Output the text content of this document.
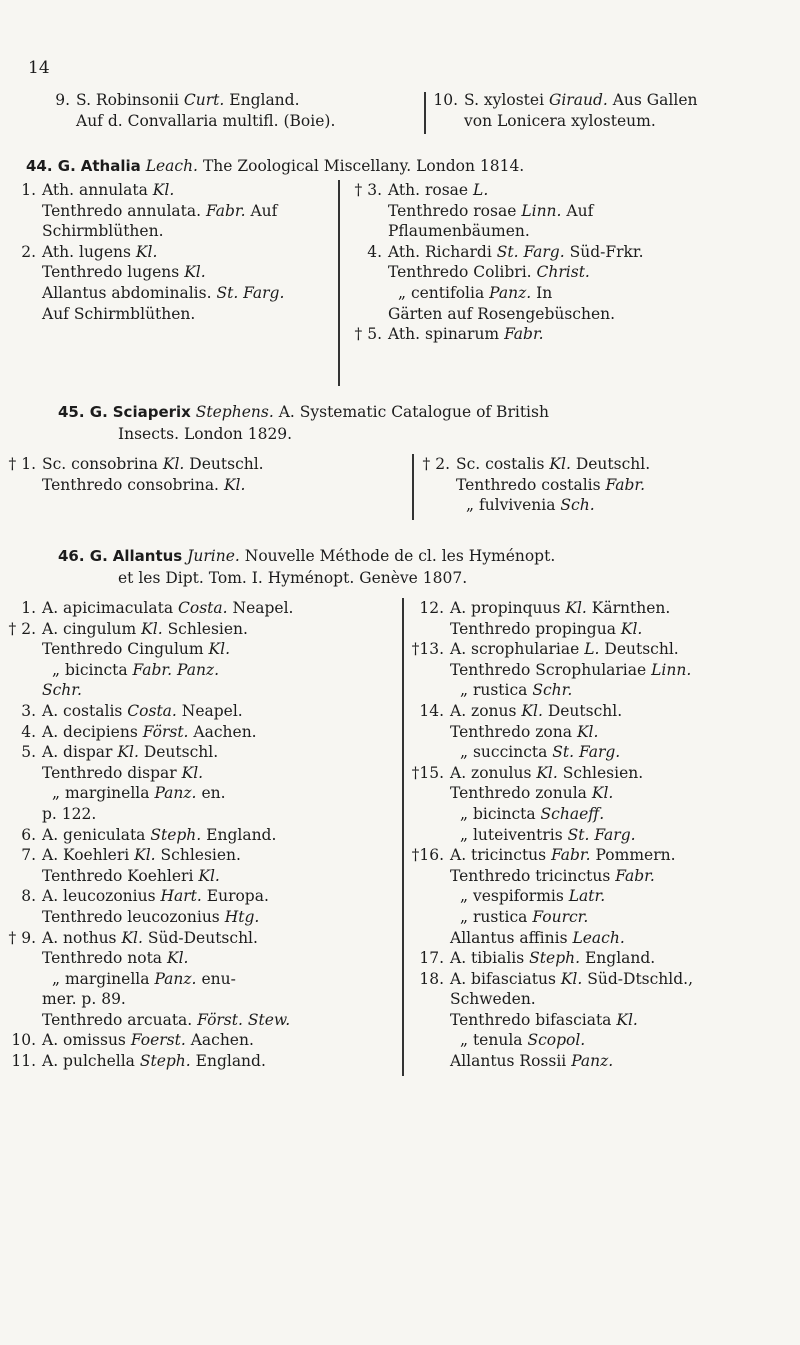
14
9. S. Robinsonii Curt. England.
Auf d. Convallaria multifl. (Boie).
10. S. xylostei Giraud. Aus Gallen
von Lonicera xylosteum.
44. G. Athalia Leach. The Zoological Miscellany. London 1814.
1. Ath. annulata Kl.
Tenthredo annulata. Fabr. Auf
Schirmblüthen.
2. Ath. lugens Kl.
Tenthredo lugens Kl.
Allantus abdominalis. St. Farg.
Auf Schirmblüthen.
† 3. Ath. rosae L.
Tenthredo rosae Linn. Auf
Pflaumenbäumen.
4. Ath. Richardi St. Farg. Süd-Frkr.
Tenthredo Colibri. Christ.
„ centifolia Panz. In
Gärten auf Rosengebüschen.
† 5. Ath. spinarum Fabr.
45. G. Sciaperix Stephens. A. Systematic Catalogue of British
Insects. London 1829.
† 1. Sc. consobrina Kl. Deutschl.
Tenthredo consobrina. Kl.
† 2. Sc. costalis Kl. Deutschl.
Tenthredo costalis Fabr.
„ fulvivenia Sch.
46. G. Allantus Jurine. Nouvelle Méthode de cl. les Hyménopt.
et les Dipt. Tom. I. Hyménopt. Genève 1807.
1. A. apicimaculata Costa. Neapel.
† 2. A. cingulum Kl. Schlesien.
Tenthredo Cingulum Kl.
„ bicincta Fabr. Panz.
Schr.
3. A. costalis Costa. Neapel.
4. A. decipiens Först. Aachen.
5. A. dispar Kl. Deutschl.
Tenthredo dispar Kl.
„ marginella Panz. en.
p. 122.
6. A. geniculata Steph. England.
7. A. Koehleri Kl. Schlesien.
Tenthredo Koehleri Kl.
8. A. leucozonius Hart. Europa.
Tenthredo leucozonius Htg.
† 9. A. nothus Kl. Süd-Deutschl.
Tenthredo nota Kl.
„ marginella Panz. enu-
mer. p. 89.
Tenthredo arcuata. Först. Stew.
10. A. omissus Foerst. Aachen.
11. A. pulchella Steph. England.
12. A. propinquus Kl. Kärnthen.
Tenthredo propingua Kl.
†13. A. scrophulariae L. Deutschl.
Tenthredo Scrophulariae Linn.
„ rustica Schr.
14. A. zonus Kl. Deutschl.
Tenthredo zona Kl.
„ succincta St. Farg.
†15. A. zonulus Kl. Schlesien.
Tenthredo zonula Kl.
„ bicincta Schaeff.
„ luteiventris St. Farg.
†16. A. tricinctus Fabr. Pommern.
Tenthredo tricinctus Fabr.
„ vespiformis Latr.
„ rustica Fourcr.
Allantus affinis Leach.
17. A. tibialis Steph. England.
18. A. bifasciatus Kl. Süd-Dtschld.,
Schweden.
Tenthredo bifasciata Kl.
„ tenula Scopol.
Allantus Rossii Panz.
